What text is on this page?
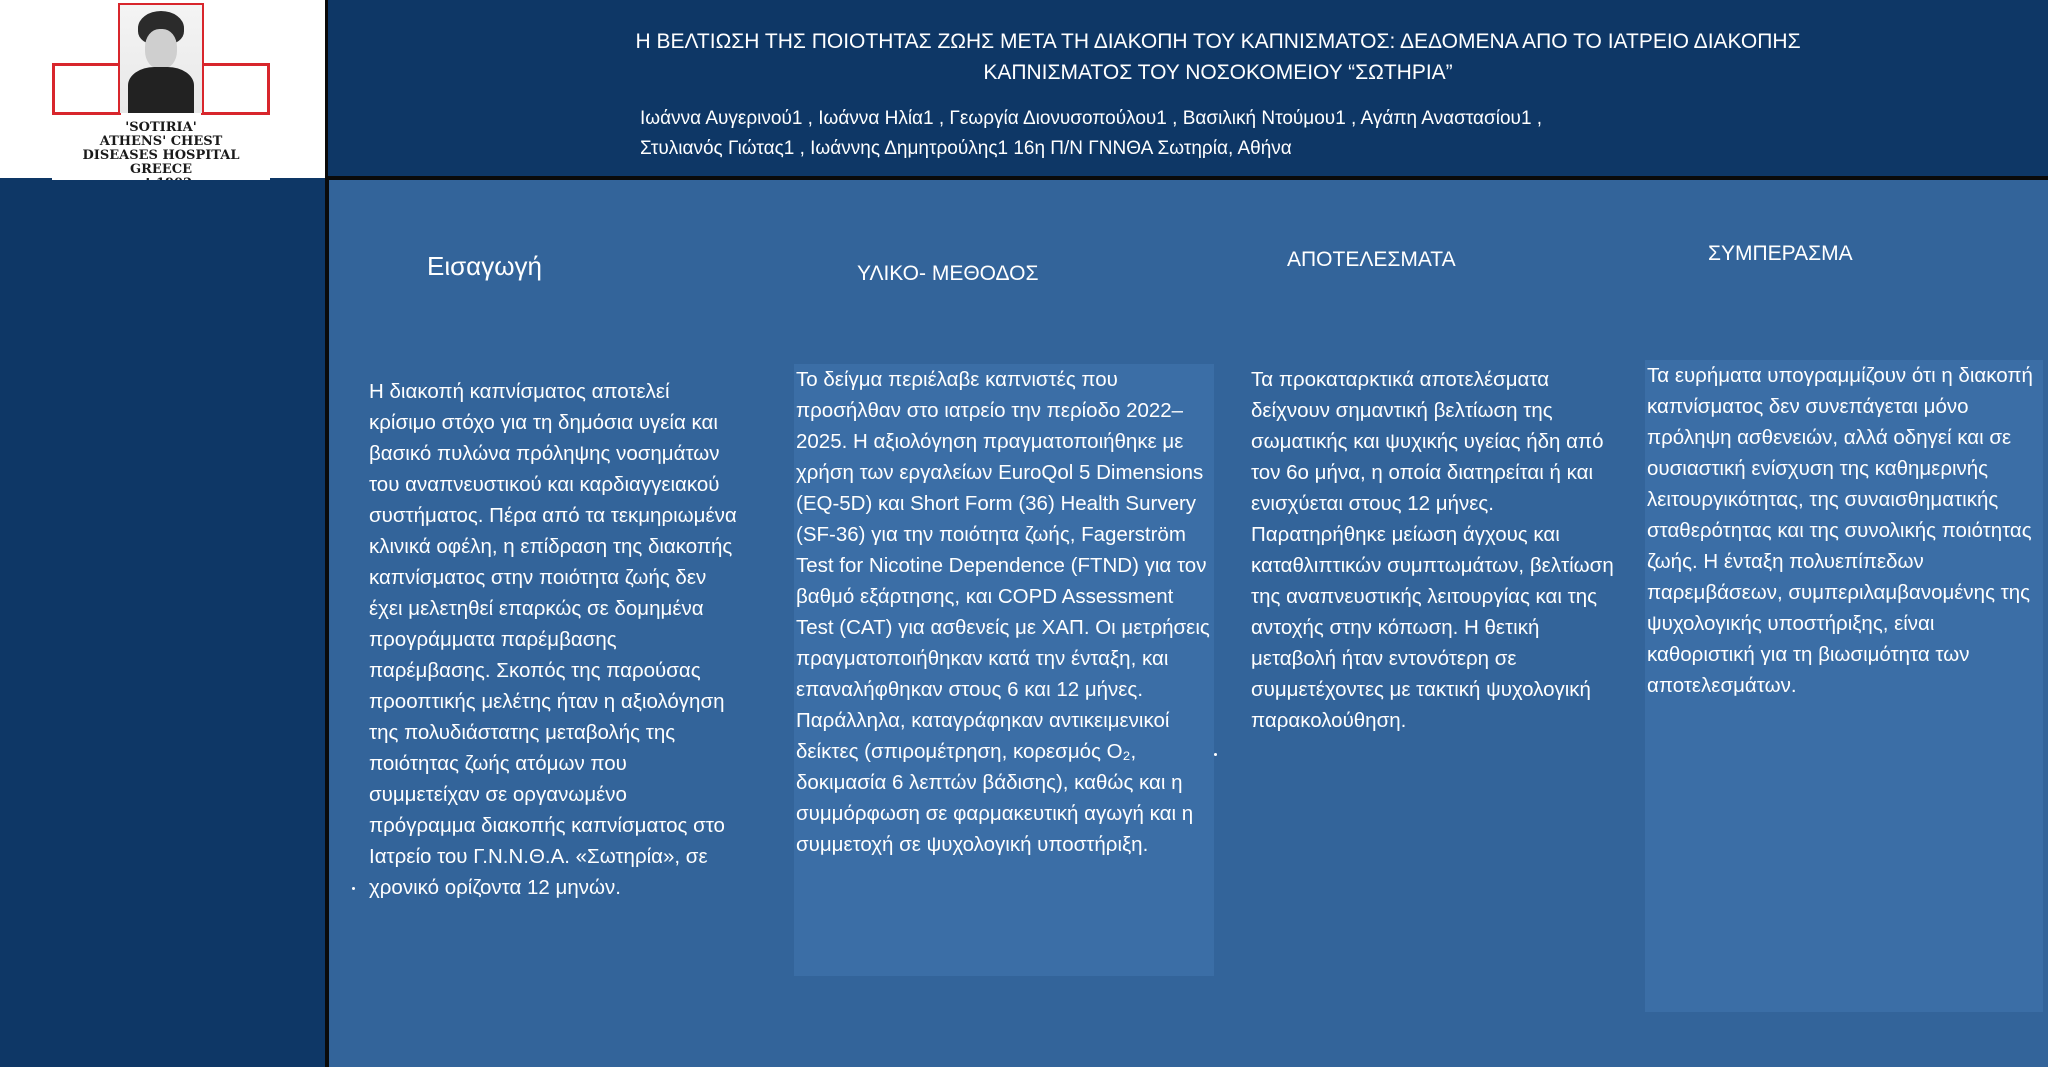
'SOTIRIA'
ATHENS' CHEST
DISEASES HOSPITAL
GREECE

Η ΒΕΛΤΙΩΣΗ ΤΗΣ ΠΟΙΟΤΗΤΑΣ ΖΩΗΣ ΜΕΤΑ ΤΗ ΔΙΑΚΟΠΗ ΤΟΥ ΚΑΠΝΙΣΜΑΤΟΣ: ΔΕΔΟΜΕΝΑ ΑΠΟ ΤΟ ΙΑΤΡΕΙΟ ΔΙΑΚΟΠΗΣ
ΚΑΠΝΙΣΜΑΤΟΣ ΤΟΥ ΝΟΣΟΚΟΜΕΙΟΥ “ΣΩΤΗΡΙΑ”
Ιωάννα Αυγερινού1 , Ιωάννα Ηλία1 , Γεωργία Διονυσοπούλου1 , Βασιλική Ντούμου1 , Αγάπη Αναστασίου1 ,
Στυλιανός Γιώτας1 , Ιωάννης Δημητρούλης1 16η Π/Ν ΓΝΝΘΑ Σωτηρία, Αθήνα
Εισαγωγή
Η διακοπή καπνίσματος αποτελεί κρίσιμο στόχο για τη δημόσια υγεία και βασικό πυλώνα πρόληψης νοσημάτων του αναπνευστικού και καρδιαγγειακού συστήματος. Πέρα από τα τεκμηριωμένα κλινικά οφέλη, η επίδραση της διακοπής καπνίσματος στην ποιότητα ζωής δεν έχει μελετηθεί επαρκώς σε δομημένα προγράμματα παρέμβασης παρέμβασης. Σκοπός της παρούσας προοπτικής μελέτης ήταν η αξιολόγηση της πολυδιάστατης μεταβολής της ποιότητας ζωής ατόμων που συμμετείχαν σε οργανωμένο πρόγραμμα διακοπής καπνίσματος στο Ιατρείο του Γ.Ν.Ν.Θ.Α. «Σωτηρία», σε χρονικό ορίζοντα 12 μηνών.
ΥΛΙΚΟ- ΜΕΘΟΔΟΣ
Το δείγμα περιέλαβε καπνιστές που προσήλθαν στο ιατρείο την περίοδο 2022–2025. Η αξιολόγηση πραγματοποιήθηκε με χρήση των εργαλείων EuroQol 5 Dimensions (EQ-5D) και Short Form (36) Health Survery (SF-36) για την ποιότητα ζωής, Fagerström Test for Nicotine Dependence (FTND) για τον βαθμό εξάρτησης, και COPD Assessment Test (CAT) για ασθενείς με ΧΑΠ. Οι μετρήσεις πραγματοποιήθηκαν κατά την ένταξη, και επαναλήφθηκαν στους 6 και 12 μήνες. Παράλληλα, καταγράφηκαν αντικειμενικοί δείκτες (σπιρομέτρηση, κορεσμός O₂, δοκιμασία 6 λεπτών βάδισης), καθώς και η συμμόρφωση σε φαρμακευτική αγωγή και η συμμετοχή σε ψυχολογική υποστήριξη.
ΑΠΟΤΕΛΕΣΜΑΤΑ
Τα προκαταρκτικά αποτελέσματα δείχνουν σημαντική βελτίωση της σωματικής και ψυχικής υγείας ήδη από τον 6ο μήνα, η οποία διατηρείται ή και ενισχύεται στους 12 μήνες. Παρατηρήθηκε μείωση άγχους και καταθλιπτικών συμπτωμάτων, βελτίωση της αναπνευστικής λειτουργίας και της αντοχής στην κόπωση. Η θετική μεταβολή ήταν εντονότερη σε συμμετέχοντες με τακτική ψυχολογική παρακολούθηση.
ΣΥΜΠΕΡΑΣΜΑ
Τα ευρήματα υπογραμμίζουν ότι η διακοπή καπνίσματος δεν συνεπάγεται μόνο πρόληψη ασθενειών, αλλά οδηγεί και σε ουσιαστική ενίσχυση της καθημερινής λειτουργικότητας, της συναισθηματικής σταθερότητας και της συνολικής ποιότητας ζωής. Η ένταξη πολυεπίπεδων παρεμβάσεων, συμπεριλαμβανομένης της ψυχολογικής υποστήριξης, είναι καθοριστική για τη βιωσιμότητα των αποτελεσμάτων.
